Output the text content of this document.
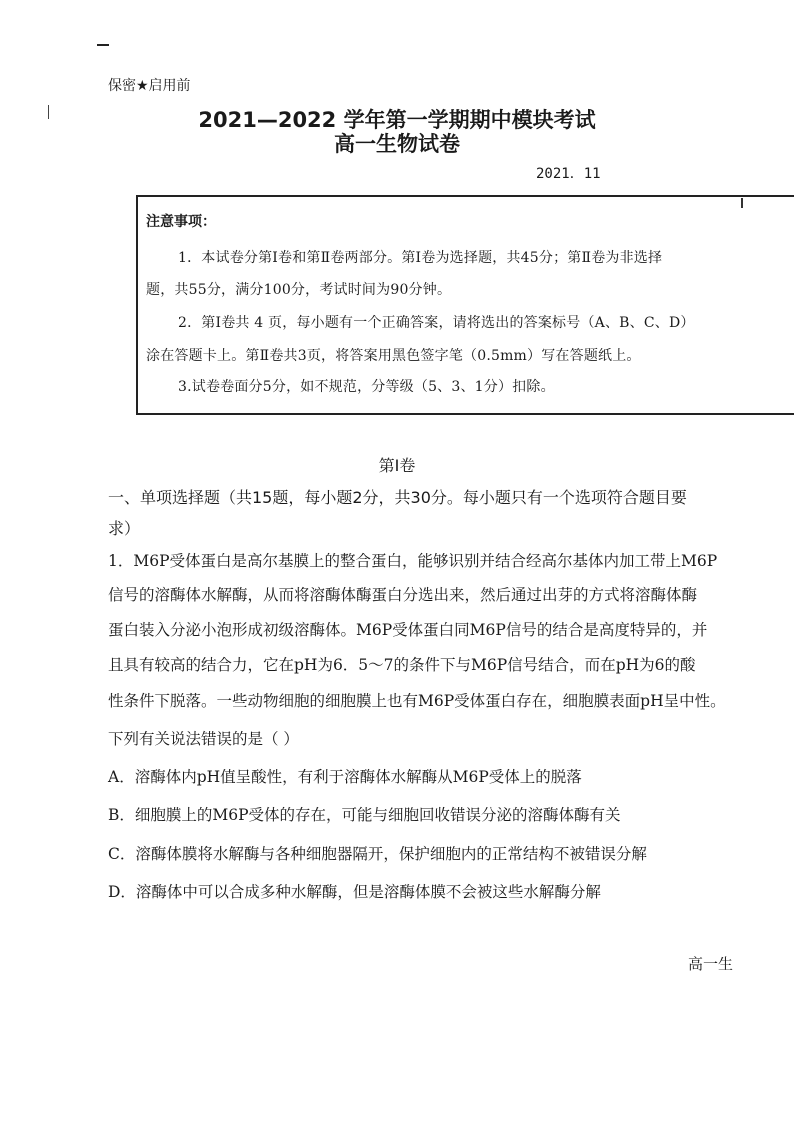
保密★启用前
2021—2022 学年第一学期期中模块考试
高一生物试卷
2021．11
注意事项：
1．本试卷分第Ⅰ卷和第Ⅱ卷两部分。第Ⅰ卷为选择题，共45分；第Ⅱ卷为非选择
题，共55分，满分100分，考试时间为90分钟。
2．第Ⅰ卷共 4 页，每小题有一个正确答案，请将选出的答案标号（A、B、C、D）
涂在答题卡上。第Ⅱ卷共3页，将答案用黑色签字笔（0.5mm）写在答题纸上。
3.试卷卷面分5分，如不规范，分等级（5、3、1分）扣除。
第Ⅰ卷
一、单项选择题（共15题，每小题2分，共30分。每小题只有一个选项符合题目要
求）
1．M6P受体蛋白是高尔基膜上的整合蛋白，能够识别并结合经高尔基体内加工带上M6P
信号的溶酶体水解酶，从而将溶酶体酶蛋白分选出来，然后通过出芽的方式将溶酶体酶
蛋白装入分泌小泡形成初级溶酶体。M6P受体蛋白同M6P信号的结合是高度特异的，并
且具有较高的结合力，它在pH为6．5～7的条件下与M6P信号结合，而在pH为6的酸
性条件下脱落。一些动物细胞的细胞膜上也有M6P受体蛋白存在，细胞膜表面pH呈中性。
下列有关说法错误的是（ ）
A．溶酶体内pH值呈酸性，有利于溶酶体水解酶从M6P受体上的脱落
B．细胞膜上的M6P受体的存在，可能与细胞回收错误分泌的溶酶体酶有关
C．溶酶体膜将水解酶与各种细胞器隔开，保护细胞内的正常结构不被错误分解
D．溶酶体中可以合成多种水解酶，但是溶酶体膜不会被这些水解酶分解
高一生
